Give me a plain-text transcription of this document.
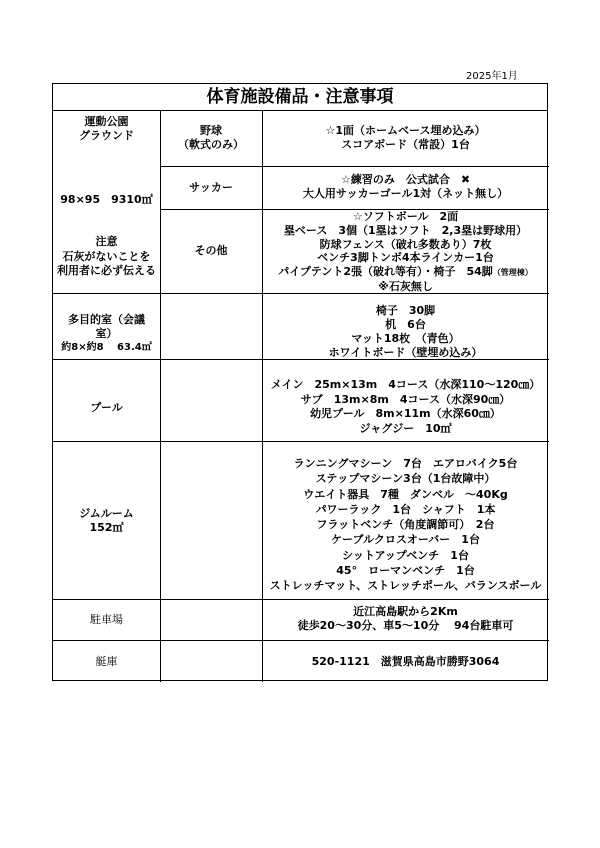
2025年1月
体育施設備品・注意事項
運動公園
グラウンド
98×95　9310㎡
注意
石灰がないことを
利用者に必ず伝える
野球
（軟式のみ）
☆1面（ホームベース埋め込み）
スコアボード（常設）1台
サッカー
☆練習のみ　公式試合　✖
大人用サッカーゴール1対（ネット無し）
その他
☆ソフトボール　2面
塁ベース　3個（1塁はソフト　2,3塁は野球用）
防球フェンス（破れ多数あり）7枚
ベンチ3脚トンボ4本ラインカー1台
パイプテント2張（破れ等有）・椅子　54脚（管理棟）
※石灰無し
多目的室（会議
室）
約8×約8　 63.4㎡
椅子　30脚
机　6台
マット18枚　（青色）
ホワイトボード（壁埋め込み）
プール
メイン　25m×13m　4コース（水深110～120㎝）
サブ　13m×8m　4コース（水深90㎝）
幼児プール　8m×11m（水深60㎝）
ジャグジー　10㎡
ジムルーム
152㎡
ランニングマシーン　7台　エアロバイク5台
ステップマシーン3台（1台故障中）
ウエイト器具　7種　ダンベル　～40Kg
パワーラック　1台　シャフト　1本
フラットベンチ（角度調節可）　2台
ケーブルクロスオーバー　1台
シットアップベンチ　1台
45°　ローマンベンチ　1台
ストレッチマット、ストレッチポール、バランスボール
駐車場
近江高島駅から2Km
徒歩20～30分、車5～10分　 94台駐車可
艇庫	520-1121　滋賀県高島市勝野3064
